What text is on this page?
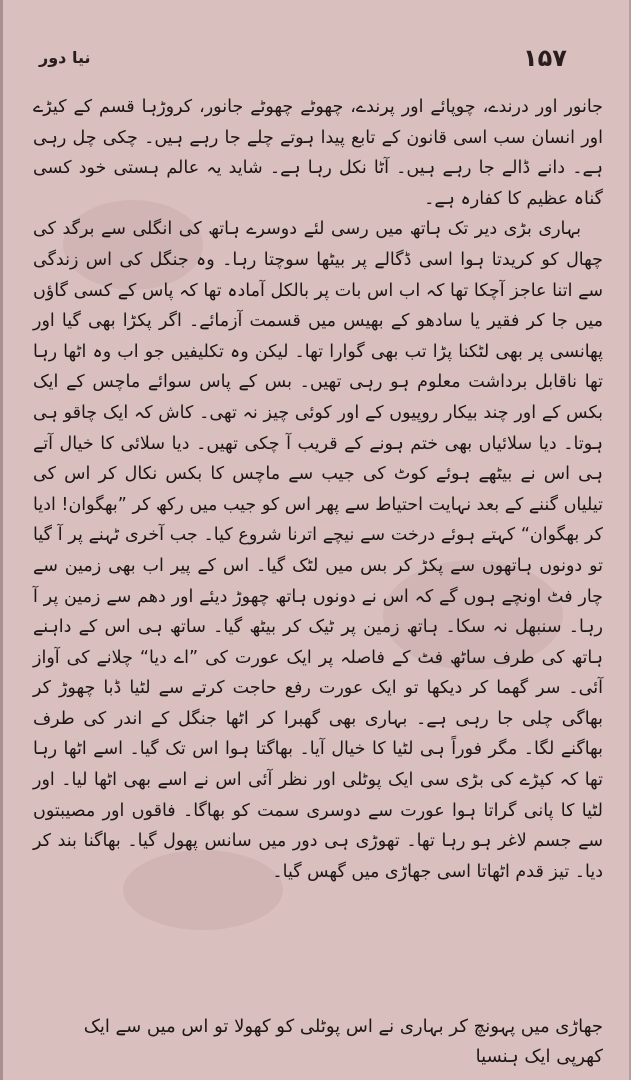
۱۵۷
نیا دور

جانور اور درندے، چوپائے اور پرندے، چھوٹے چھوٹے جانور، کروڑہا قسم کے کیڑے اور انسان سب اسی قانون کے تابع پیدا ہوتے چلے جا رہے ہیں۔ چکی چل رہی ہے۔ دانے ڈالے جا رہے ہیں۔ آٹا نکل رہا ہے۔ شاید یہ عالم ہستی خود کسی گناہ عظیم کا کفارہ ہے۔

بہاری بڑی دیر تک ہاتھ میں رسی لئے دوسرے ہاتھ کی انگلی سے برگد کی چھال کو کریدتا ہوا اسی ڈگالے پر بیٹھا سوچتا رہا۔ وہ جنگل کی اس زندگی سے اتنا عاجز آچکا تھا کہ اب اس بات پر بالکل آمادہ تھا کہ پاس کے کسی گاؤں میں جا کر فقیر یا سادھو کے بھیس میں قسمت آزمائے۔ اگر پکڑا بھی گیا اور پھانسی پر بھی لٹکنا پڑا تب بھی گوارا تھا۔ لیکن وہ تکلیفیں جو اب وہ اٹھا رہا تھا ناقابل برداشت معلوم ہو رہی تھیں۔ بس کے پاس سوائے ماچس کے ایک بکس کے اور چند بیکار روپیوں کے اور کوئی چیز نہ تھی۔ کاش کہ ایک چاقو ہی ہوتا۔ دیا سلائیاں بھی ختم ہونے کے قریب آ چکی تھیں۔ دیا سلائی کا خیال آتے ہی اس نے بیٹھے ہوئے کوٹ کی جیب سے ماچس کا بکس نکال کر اس کی تیلیاں گننے کے بعد نہایت احتیاط سے پھر اس کو جیب میں رکھ کر ”بھگوان! ادیا کر بھگوان“ کہتے ہوئے درخت سے نیچے اترنا شروع کیا۔ جب آخری ٹہنے پر آ گیا تو دونوں ہاتھوں سے پکڑ کر بس میں لٹک گیا۔ اس کے پیر اب بھی زمین سے چار فٹ اونچے ہوں گے کہ اس نے دونوں ہاتھ چھوڑ دیئے اور دھم سے زمین پر آ رہا۔ سنبھل نہ سکا۔ ہاتھ زمین پر ٹیک کر بیٹھ گیا۔ ساتھ ہی اس کے داہنے ہاتھ کی طرف ساٹھ فٹ کے فاصلہ پر ایک عورت کی ”اے دیا“ چلانے کی آواز آئی۔ سر گھما کر دیکھا تو ایک عورت رفع حاجت کرتے سے لٹیا ڈبا چھوڑ کر بھاگی چلی جا رہی ہے۔ بہاری بھی گھبرا کر اٹھا جنگل کے اندر کی طرف بھاگنے لگا۔ مگر فوراً ہی لٹیا کا خیال آیا۔ بھاگتا ہوا اس تک گیا۔ اسے اٹھا رہا تھا کہ کپڑے کی بڑی سی ایک پوٹلی اور نظر آئی اس نے اسے بھی اٹھا لیا۔ اور لٹیا کا پانی گراتا ہوا عورت سے دوسری سمت کو بھاگا۔ فاقوں اور مصیبتوں سے جسم لاغر ہو رہا تھا۔ تھوڑی ہی دور میں سانس پھول گیا۔ بھاگنا بند کر دیا۔ تیز قدم اٹھاتا اسی جھاڑی میں گھس گیا۔

جھاڑی میں پہونچ کر بہاری نے اس پوٹلی کو کھولا تو اس میں سے ایک کھرپی ایک ہنسیا
